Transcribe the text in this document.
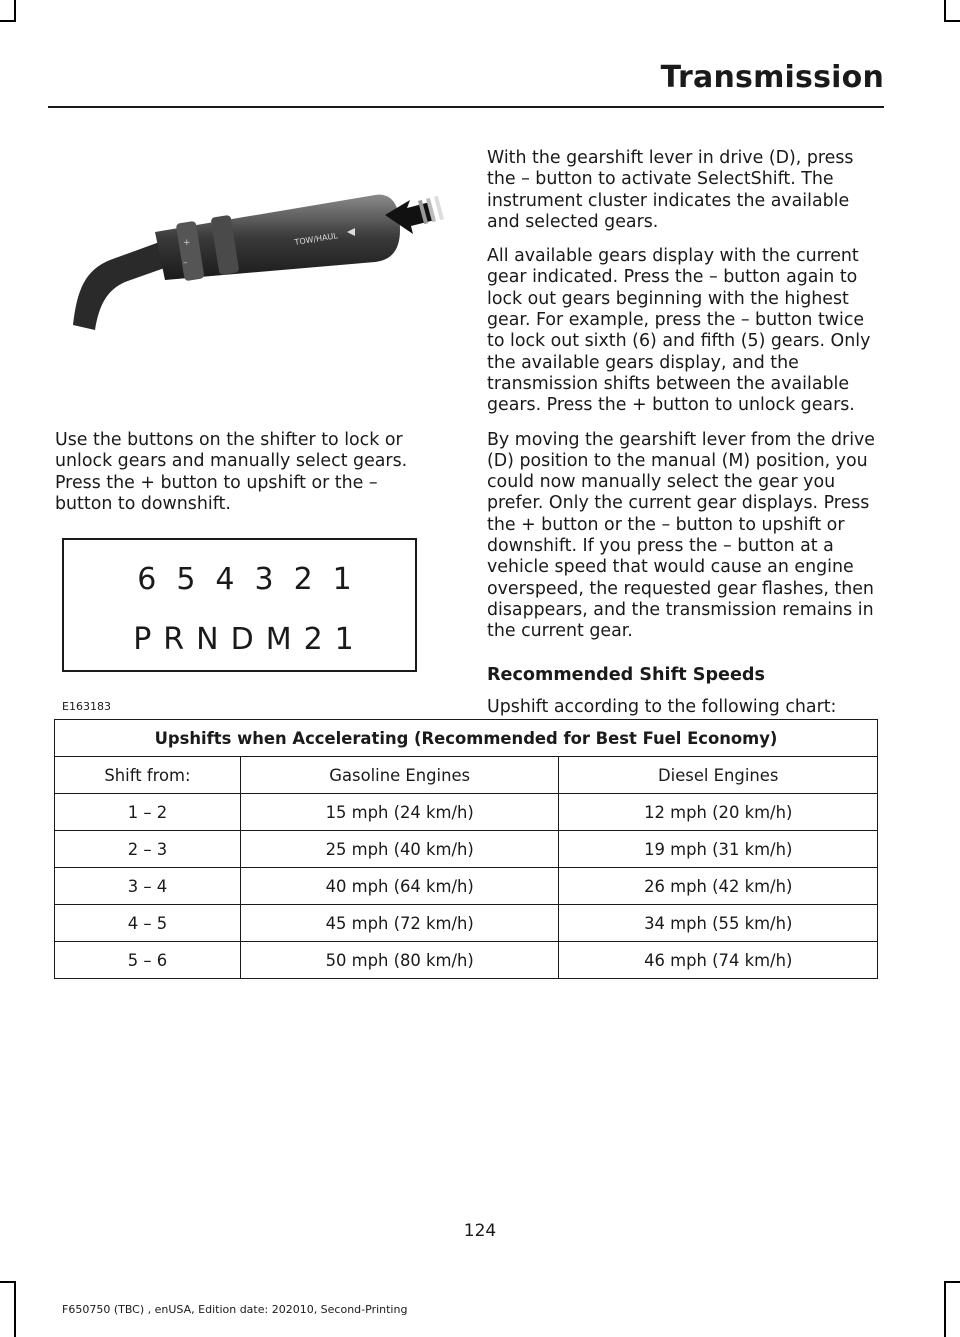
Transmission
+
–
TOW/HAUL

Use the buttons on the shifter to lock or unlock gears and manually select gears. Press the + button to upshift or the – button to downshift.

654321
PRNDM21
E163183

With the gearshift lever in drive (D), press the – button to activate SelectShift. The instrument cluster indicates the available and selected gears.

All available gears display with the current gear indicated. Press the – button again to lock out gears beginning with the highest gear. For example, press the – button twice to lock out sixth (6) and fifth (5) gears. Only the available gears display, and the transmission shifts between the available gears. Press the + button to unlock gears.

By moving the gearshift lever from the drive (D) position to the manual (M) position, you could now manually select the gear you prefer. Only the current gear displays. Press the + button or the – button to upshift or downshift. If you press the – button at a vehicle speed that would cause an engine overspeed, the requested gear flashes, then disappears, and the transmission remains in the current gear.

Recommended Shift Speeds

Upshift according to the following chart:

Upshifts when Accelerating (Recommended for Best Fuel Economy)		
Shift from:	Gasoline Engines	Diesel Engines
1 – 2	15 mph (24 km/h)	12 mph (20 km/h)
2 – 3	25 mph (40 km/h)	19 mph (31 km/h)
3 – 4	40 mph (64 km/h)	26 mph (42 km/h)
4 – 5	45 mph (72 km/h)	34 mph (55 km/h)
5 – 6	50 mph (80 km/h)	46 mph (74 km/h)
124
F650750 (TBC) , enUSA, Edition date: 202010, Second-Printing
